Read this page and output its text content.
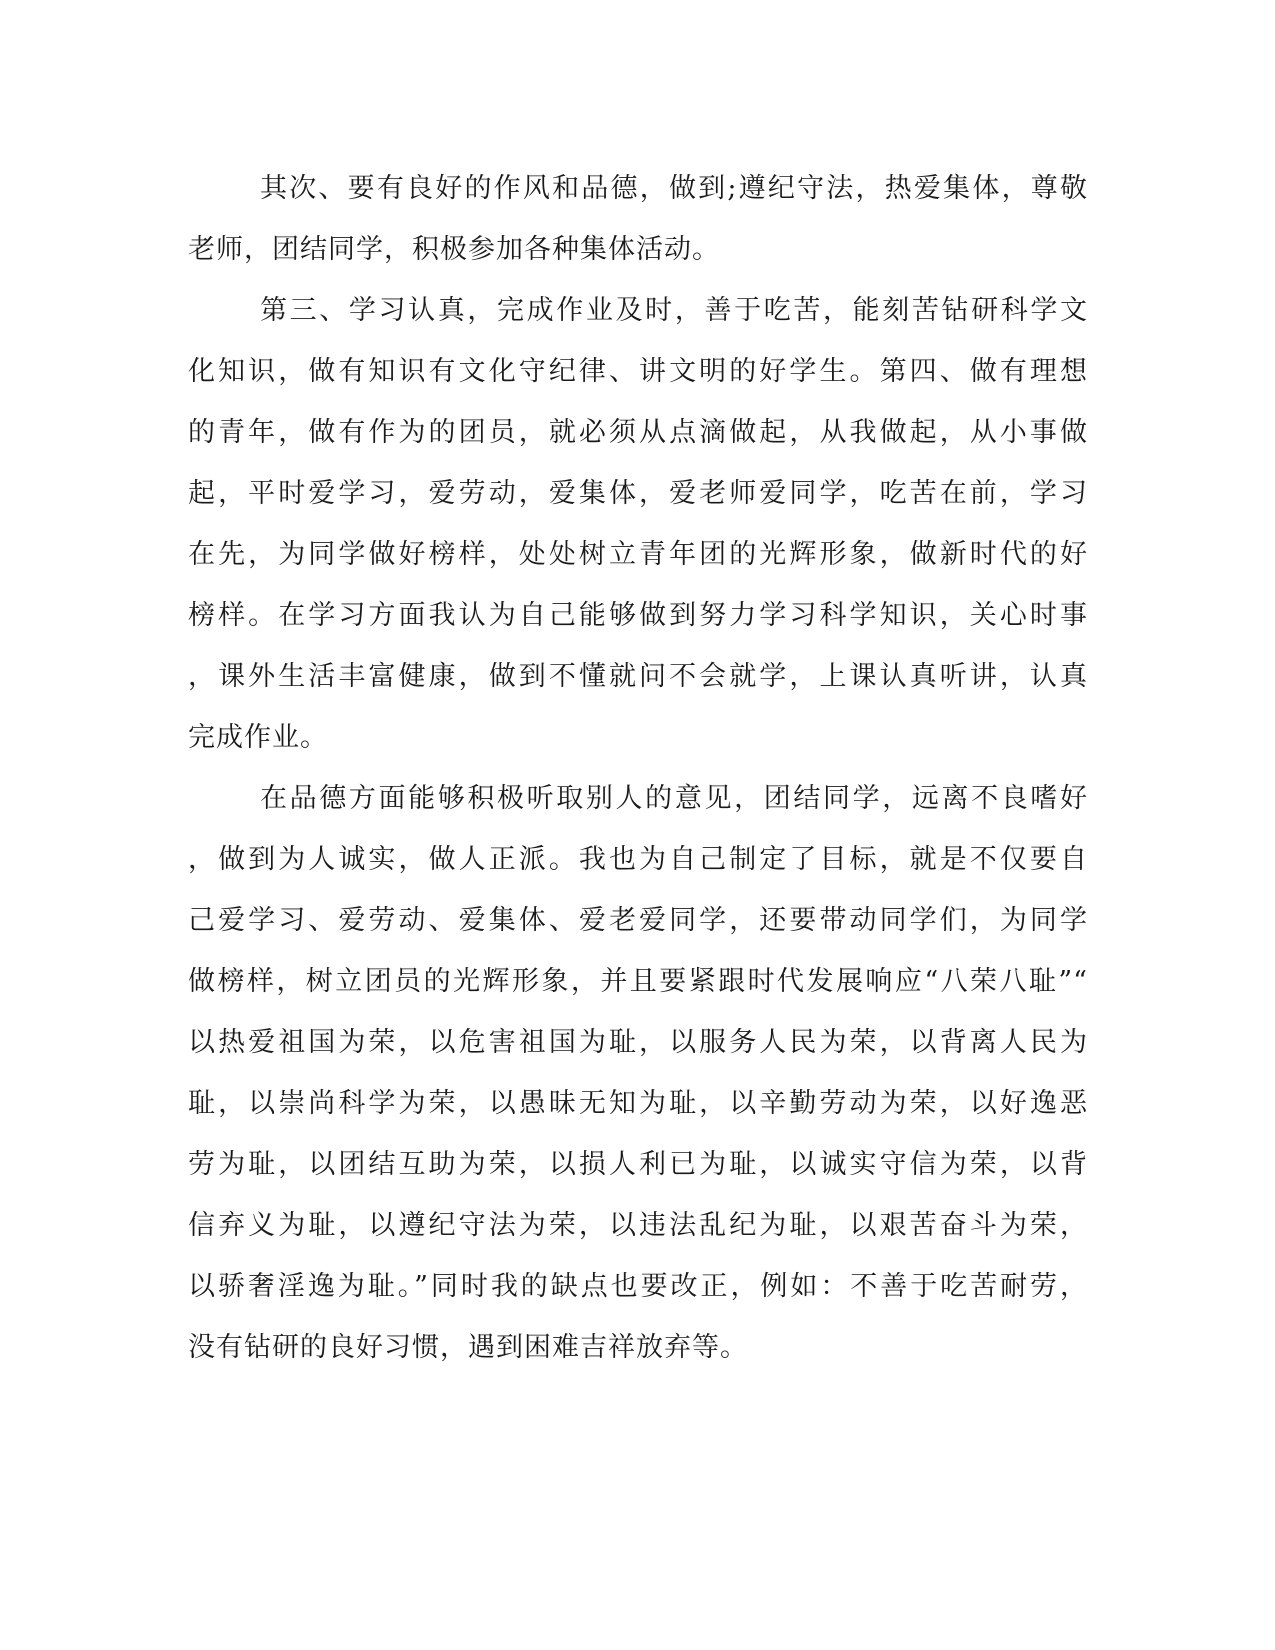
其次、要有良好的作风和品德，做到;遵纪守法，热爱集体，尊敬
老师，团结同学，积极参加各种集体活动。
第三、学习认真，完成作业及时，善于吃苦，能刻苦钻研科学文
化知识，做有知识有文化守纪律、讲文明的好学生。第四、做有理想
的青年，做有作为的团员，就必须从点滴做起，从我做起，从小事做
起，平时爱学习，爱劳动，爱集体，爱老师爱同学，吃苦在前，学习
在先，为同学做好榜样，处处树立青年团的光辉形象，做新时代的好
榜样。在学习方面我认为自己能够做到努力学习科学知识，关心时事
，课外生活丰富健康，做到不懂就问不会就学，上课认真听讲，认真
完成作业。
在品德方面能够积极听取别人的意见，团结同学，远离不良嗜好
，做到为人诚实，做人正派。我也为自己制定了目标，就是不仅要自
己爱学习、爱劳动、爱集体、爱老爱同学，还要带动同学们，为同学
做榜样，树立团员的光辉形象，并且要紧跟时代发展响应“八荣八耻”“
以热爱祖国为荣，以危害祖国为耻，以服务人民为荣，以背离人民为
耻，以崇尚科学为荣，以愚昧无知为耻，以辛勤劳动为荣，以好逸恶
劳为耻，以团结互助为荣，以损人利已为耻，以诚实守信为荣，以背
信弃义为耻，以遵纪守法为荣，以违法乱纪为耻，以艰苦奋斗为荣，
以骄奢淫逸为耻。”同时我的缺点也要改正，例如：不善于吃苦耐劳，
没有钻研的良好习惯，遇到困难吉祥放弃等。
